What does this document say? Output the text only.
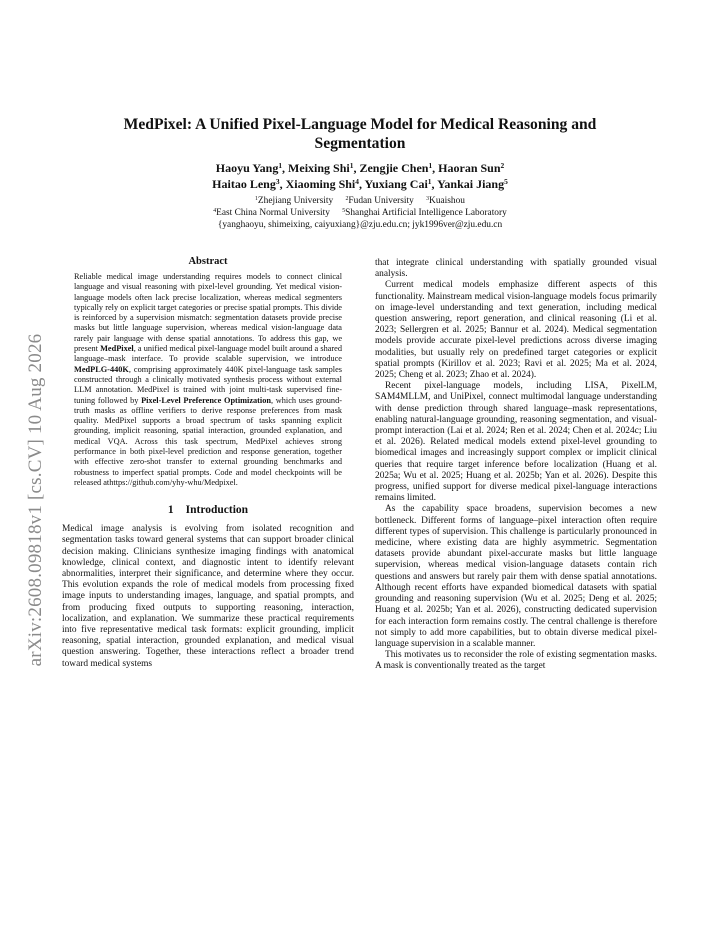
arXiv:2608.09818v1 [cs.CV] 10 Aug 2026
MedPixel: A Unified Pixel-Language Model for Medical Reasoning and Segmentation
Haoyu Yang$^1$, Meixing Shi$^1$, Zengjie Chen$^1$, Haoran Sun$^2$
Haitao Leng$^3$, Xiaoming Shi$^4$, Yuxiang Cai$^1$, Yankai Jiang$^5$
$^1$Zhejiang University $^2$Fudan University $^3$Kuaishou
$^4$East China Normal University $^5$Shanghai Artificial Intelligence Laboratory
{yanghaoyu, shimeixing, caiyuxiang}@zju.edu.cn; jyk1996ver@zju.edu.cn
Abstract
Reliable medical image understanding requires models to connect clinical language and visual reasoning with pixel-level grounding. Yet medical vision-language models often lack precise localization, whereas medical segmenters typically rely on explicit target categories or precise spatial prompts. This divide is reinforced by a supervision mismatch: segmentation datasets provide precise masks but little language supervision, whereas medical vision-language data rarely pair language with dense spatial annotations. To address this gap, we present MedPixel, a unified medical pixel-language model built around a shared language–mask interface. To provide scalable supervision, we introduce MedPLG-440K, comprising approximately 440K pixel-language task samples constructed through a clinically motivated synthesis process without external LLM annotation. MedPixel is trained with joint multi-task supervised fine-tuning followed by Pixel-Level Preference Optimization, which uses ground-truth masks as offline verifiers to derive response preferences from mask quality. MedPixel supports a broad spectrum of tasks spanning explicit grounding, implicit reasoning, spatial interaction, grounded explanation, and medical VQA. Across this task spectrum, MedPixel achieves strong performance in both pixel-level prediction and response generation, together with effective zero-shot transfer to external grounding benchmarks and robustness to imperfect spatial prompts. Code and model checkpoints will be released athttps://github.com/yhy-whu/Medpixel.
1 Introduction

Medical image analysis is evolving from isolated recognition and segmentation tasks toward general systems that can support broader clinical decision making. Clinicians synthesize imaging findings with anatomical knowledge, clinical context, and diagnostic intent to identify relevant abnormalities, interpret their significance, and determine where they occur. This evolution expands the role of medical models from processing fixed image inputs to understanding images, language, and spatial prompts, and from producing fixed outputs to supporting reasoning, interaction, localization, and explanation. We summarize these practical requirements into five representative medical task formats: explicit grounding, implicit reasoning, spatial interaction, grounded explanation, and medical visual question answering. Together, these interactions reflect a broader trend toward medical systems

that integrate clinical understanding with spatially grounded visual analysis.

Current medical models emphasize different aspects of this functionality. Mainstream medical vision-language models focus primarily on image-level understanding and text generation, including medical question answering, report generation, and clinical reasoning (Li et al. 2023; Sellergren et al. 2025; Bannur et al. 2024). Medical segmentation models provide accurate pixel-level predictions across diverse imaging modalities, but usually rely on predefined target categories or explicit spatial prompts (Kirillov et al. 2023; Ravi et al. 2025; Ma et al. 2024, 2025; Cheng et al. 2023; Zhao et al. 2024).

Recent pixel-language models, including LISA, PixelLM, SAM4MLLM, and UniPixel, connect multimodal language understanding with dense prediction through shared language–mask representations, enabling natural-language grounding, reasoning segmentation, and visual-prompt interaction (Lai et al. 2024; Ren et al. 2024; Chen et al. 2024c; Liu et al. 2026). Related medical models extend pixel-level grounding to biomedical images and increasingly support complex or implicit clinical queries that require target inference before localization (Huang et al. 2025a; Wu et al. 2025; Huang et al. 2025b; Yan et al. 2026). Despite this progress, unified support for diverse medical pixel-language interactions remains limited.

As the capability space broadens, supervision becomes a new bottleneck. Different forms of language–pixel interaction often require different types of supervision. This challenge is particularly pronounced in medicine, where existing data are highly asymmetric. Segmentation datasets provide abundant pixel-accurate masks but little language supervision, whereas medical vision-language datasets contain rich questions and answers but rarely pair them with dense spatial annotations. Although recent efforts have expanded biomedical datasets with spatial grounding and reasoning supervision (Wu et al. 2025; Deng et al. 2025; Huang et al. 2025b; Yan et al. 2026), constructing dedicated supervision for each interaction form remains costly. The central challenge is therefore not simply to add more capabilities, but to obtain diverse medical pixel-language supervision in a scalable manner.

This motivates us to reconsider the role of existing segmentation masks. A mask is conventionally treated as the target
